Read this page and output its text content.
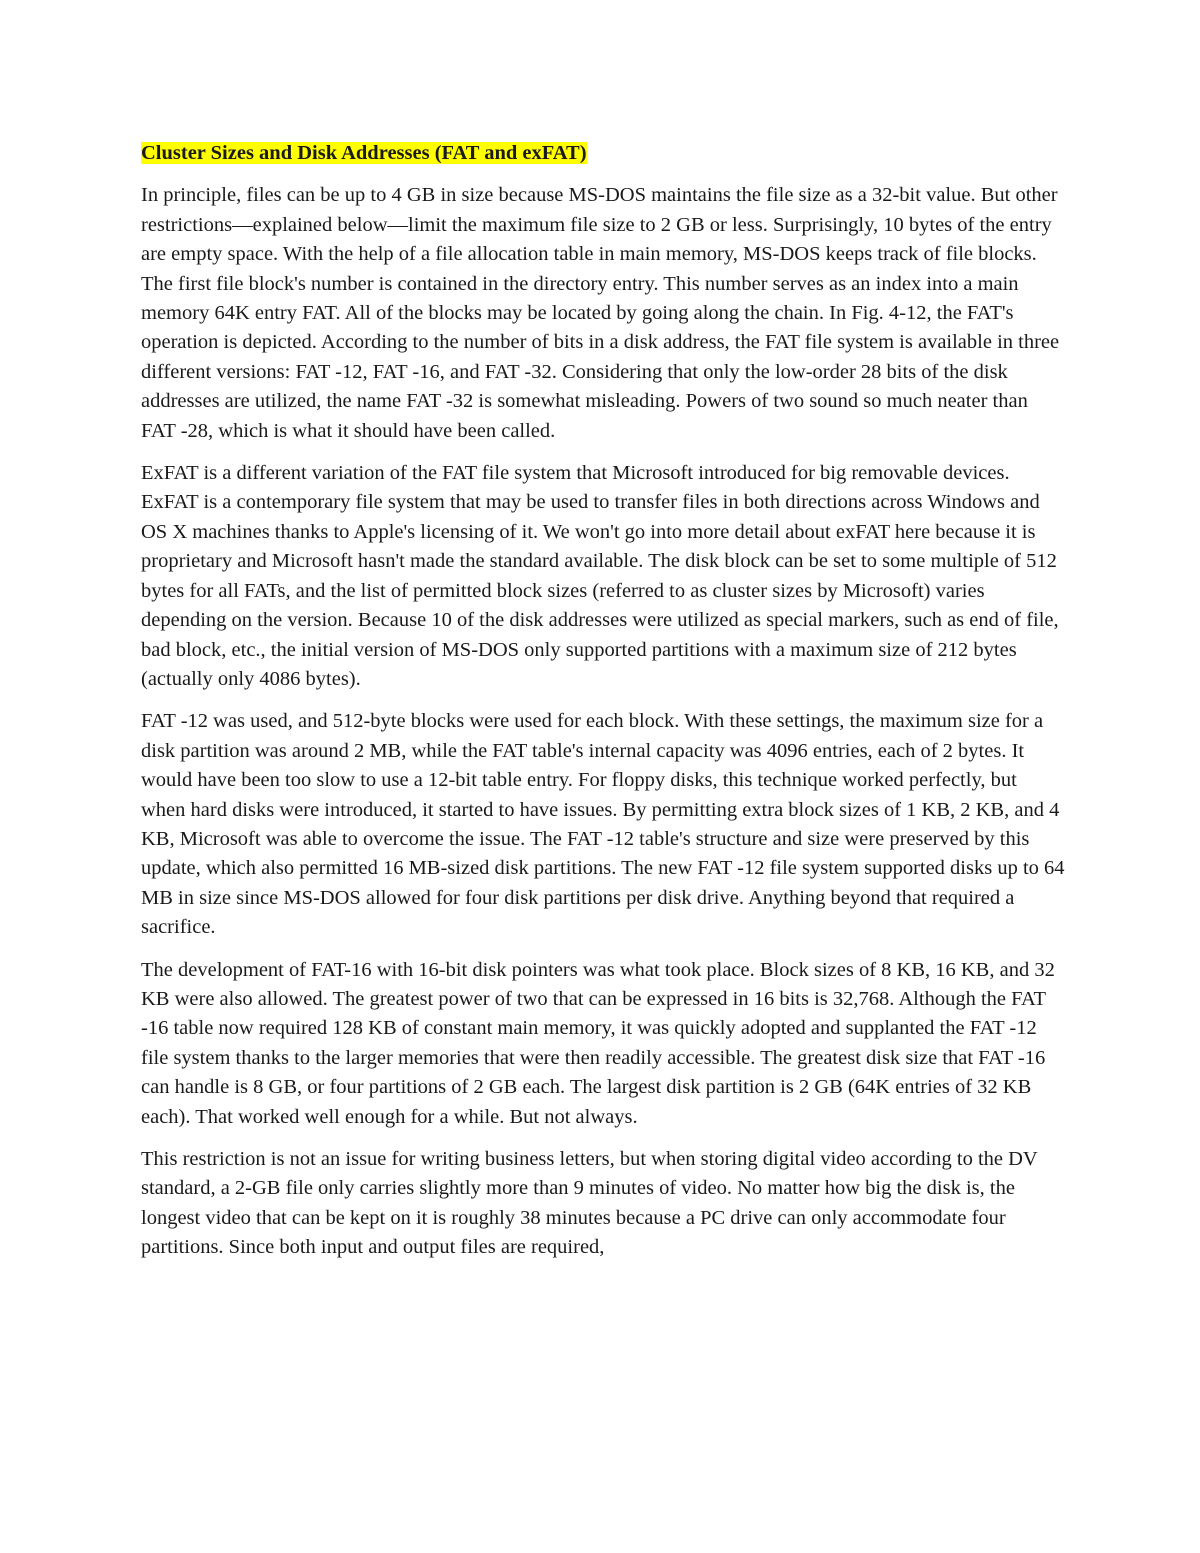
Cluster Sizes and Disk Addresses (FAT and exFAT)

In principle, files can be up to 4 GB in size because MS-DOS maintains the file size as a 32-bit value. But other restrictions—explained below—limit the maximum file size to 2 GB or less. Surprisingly, 10 bytes of the entry are empty space. With the help of a file allocation table in main memory, MS-DOS keeps track of file blocks. The first file block's number is contained in the directory entry. This number serves as an index into a main memory 64K entry FAT. All of the blocks may be located by going along the chain. In Fig. 4-12, the FAT's operation is depicted. According to the number of bits in a disk address, the FAT file system is available in three different versions: FAT -12, FAT -16, and FAT -32. Considering that only the low-order 28 bits of the disk addresses are utilized, the name FAT -32 is somewhat misleading. Powers of two sound so much neater than FAT -28, which is what it should have been called.

ExFAT is a different variation of the FAT file system that Microsoft introduced for big removable devices. ExFAT is a contemporary file system that may be used to transfer files in both directions across Windows and OS X machines thanks to Apple's licensing of it. We won't go into more detail about exFAT here because it is proprietary and Microsoft hasn't made the standard available. The disk block can be set to some multiple of 512 bytes for all FATs, and the list of permitted block sizes (referred to as cluster sizes by Microsoft) varies depending on the version. Because 10 of the disk addresses were utilized as special markers, such as end of file, bad block, etc., the initial version of MS-DOS only supported partitions with a maximum size of 212 bytes (actually only 4086 bytes).

FAT -12 was used, and 512-byte blocks were used for each block. With these settings, the maximum size for a disk partition was around 2 MB, while the FAT table's internal capacity was 4096 entries, each of 2 bytes. It would have been too slow to use a 12-bit table entry. For floppy disks, this technique worked perfectly, but when hard disks were introduced, it started to have issues. By permitting extra block sizes of 1 KB, 2 KB, and 4 KB, Microsoft was able to overcome the issue. The FAT -12 table's structure and size were preserved by this update, which also permitted 16 MB-sized disk partitions. The new FAT -12 file system supported disks up to 64 MB in size since MS-DOS allowed for four disk partitions per disk drive. Anything beyond that required a sacrifice.

The development of FAT-16 with 16-bit disk pointers was what took place. Block sizes of 8 KB, 16 KB, and 32 KB were also allowed. The greatest power of two that can be expressed in 16 bits is 32,768. Although the FAT -16 table now required 128 KB of constant main memory, it was quickly adopted and supplanted the FAT -12 file system thanks to the larger memories that were then readily accessible. The greatest disk size that FAT -16 can handle is 8 GB, or four partitions of 2 GB each. The largest disk partition is 2 GB (64K entries of 32 KB each). That worked well enough for a while. But not always.

This restriction is not an issue for writing business letters, but when storing digital video according to the DV standard, a 2-GB file only carries slightly more than 9 minutes of video. No matter how big the disk is, the longest video that can be kept on it is roughly 38 minutes because a PC drive can only accommodate four partitions. Since both input and output files are required,
